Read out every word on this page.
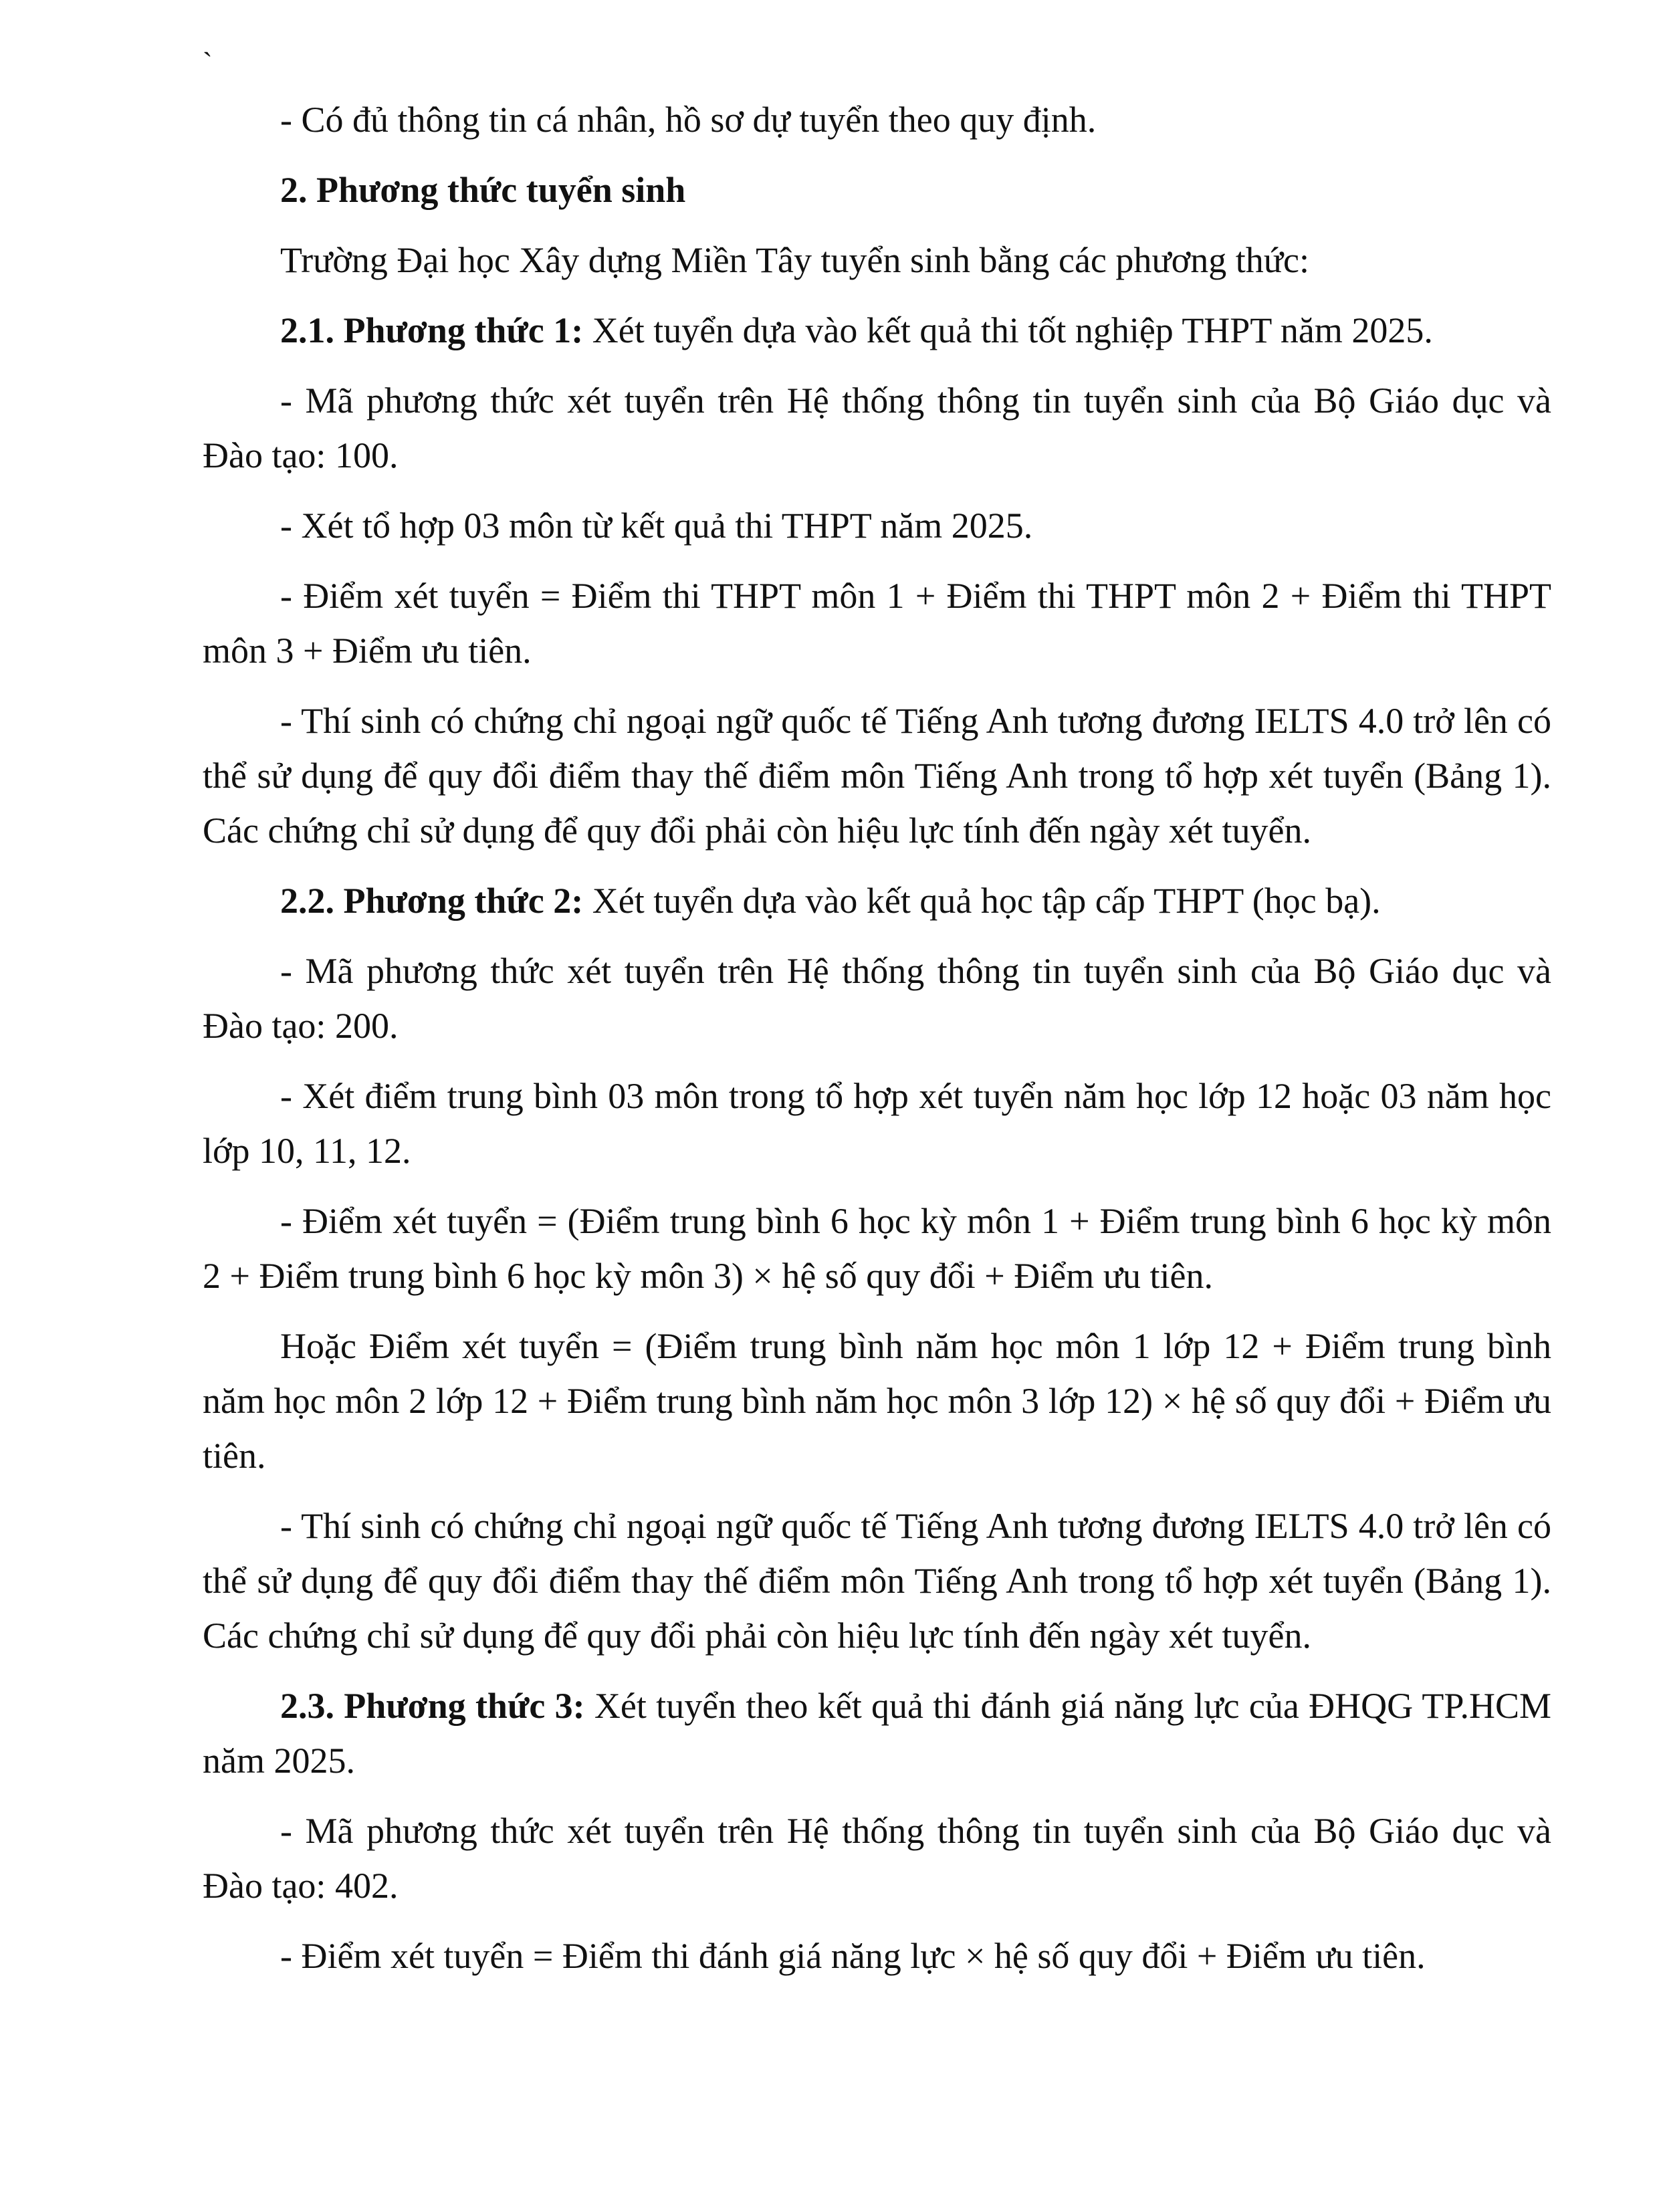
`

- Có đủ thông tin cá nhân, hồ sơ dự tuyển theo quy định.

2. Phương thức tuyển sinh

Trường Đại học Xây dựng Miền Tây tuyển sinh bằng các phương thức:

2.1. Phương thức 1: Xét tuyển dựa vào kết quả thi tốt nghiệp THPT năm 2025.

- Mã phương thức xét tuyển trên Hệ thống thông tin tuyển sinh của Bộ Giáo dục và Đào tạo: 100.

- Xét tổ hợp 03 môn từ kết quả thi THPT năm 2025.

- Điểm xét tuyển = Điểm thi THPT môn 1 + Điểm thi THPT môn 2 + Điểm thi THPT môn 3 + Điểm ưu tiên.

- Thí sinh có chứng chỉ ngoại ngữ quốc tế Tiếng Anh tương đương IELTS 4.0 trở lên có thể sử dụng để quy đổi điểm thay thế điểm môn Tiếng Anh trong tổ hợp xét tuyển (Bảng 1). Các chứng chỉ sử dụng để quy đổi phải còn hiệu lực tính đến ngày xét tuyển.

2.2. Phương thức 2: Xét tuyển dựa vào kết quả học tập cấp THPT (học bạ).

- Mã phương thức xét tuyển trên Hệ thống thông tin tuyển sinh của Bộ Giáo dục và Đào tạo: 200.

- Xét điểm trung bình 03 môn trong tổ hợp xét tuyển năm học lớp 12 hoặc 03 năm học lớp 10, 11, 12.

- Điểm xét tuyển = (Điểm trung bình 6 học kỳ môn 1 + Điểm trung bình 6 học kỳ môn 2 + Điểm trung bình 6 học kỳ môn 3) × hệ số quy đổi + Điểm ưu tiên.

Hoặc Điểm xét tuyển = (Điểm trung bình năm học môn 1 lớp 12 + Điểm trung bình năm học môn 2 lớp 12 + Điểm trung bình năm học môn 3 lớp 12) × hệ số quy đổi + Điểm ưu tiên.

- Thí sinh có chứng chỉ ngoại ngữ quốc tế Tiếng Anh tương đương IELTS 4.0 trở lên có thể sử dụng để quy đổi điểm thay thế điểm môn Tiếng Anh trong tổ hợp xét tuyển (Bảng 1). Các chứng chỉ sử dụng để quy đổi phải còn hiệu lực tính đến ngày xét tuyển.

2.3. Phương thức 3: Xét tuyển theo kết quả thi đánh giá năng lực của ĐHQG TP.HCM năm 2025.

- Mã phương thức xét tuyển trên Hệ thống thông tin tuyển sinh của Bộ Giáo dục và Đào tạo: 402.

- Điểm xét tuyển = Điểm thi đánh giá năng lực × hệ số quy đổi + Điểm ưu tiên.
